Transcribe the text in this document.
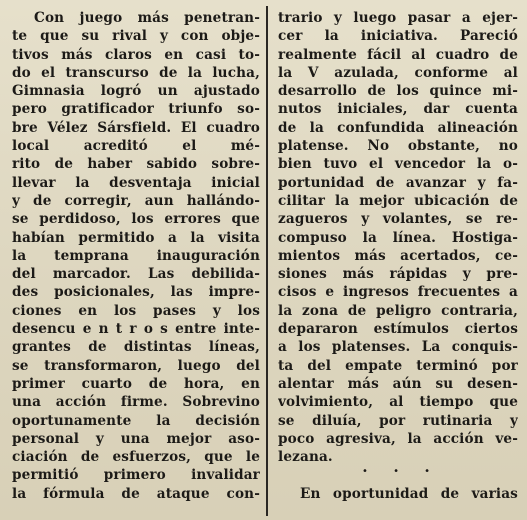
Con juego más penetran-
te que su rival y con obje-
tivos más claros en casi to-
do el transcurso de la lucha,
Gimnasia logró un ajustado
pero gratificador triunfo so-
bre Vélez Sársfield. El cuadro
local acreditó el mé-
rito de haber sabido sobre-
llevar la desventaja inicial
y de corregir, aun hallándo-
se perdidoso, los errores que
habían permitido a la visita
la temprana inauguración
del marcador. Las debilida-
des posicionales, las impre-
ciones en los pases y los
desencu e n t r o s entre inte-
grantes de distintas líneas,
se transformaron, luego del
primer cuarto de hora, en
una acción firme. Sobrevino
oportunamente la decisión
personal y una mejor aso-
ciación de esfuerzos, que le
permitió primero invalidar
la fórmula de ataque con-
trario y luego pasar a ejer-
cer la iniciativa. Pareció
realmente fácil al cuadro de
la V azulada, conforme al
desarrollo de los quince mi-
nutos iniciales, dar cuenta
de la confundida alineación
platense. No obstante, no
bien tuvo el vencedor la o-
portunidad de avanzar y fa-
cilitar la mejor ubicación de
zagueros y volantes, se re-
compuso la línea. Hostiga-
mientos más acertados, ce-
siones más rápidas y pre-
cisos e ingresos frecuentes a
la zona de peligro contraria,
depararon estímulos ciertos
a los platenses. La conquis-
ta del empate terminó por
alentar más aún su desen-
volvimiento, al tiempo que
se diluía, por rutinaria y
poco agresiva, la acción ve-
lezana.
En oportunidad de varias
• • •
